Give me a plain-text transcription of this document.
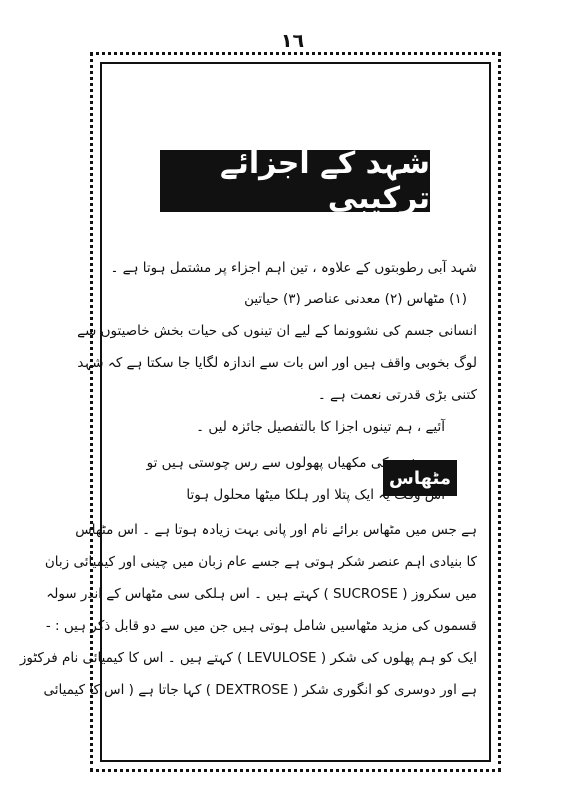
١٦
شہد کے اجزائے ترکیبی
شہد آبی رطوبتوں کے علاوہ ، تین اہم اجزاء پر مشتمل ہوتا ہے ۔
(۱) مٹھاس (۲) معدنی عناصر (۳) حیاتین
انسانی جسم کی نشوونما کے لیے ان تینوں کی حیات بخش خاصیتوں سے
لوگ بخوبی واقف ہیں اور اس بات سے اندازہ لگایا جا سکتا ہے کہ شہد
کتنی بڑی قدرتی نعمت ہے ۔
آئیے ، ہم تینوں اجزا کا بالتفصیل جائزہ لیں ۔
مٹھاس
جب شہد کی مکھیاں پھولوں سے رس چوستی ہیں تو
اس وقت یہ ایک پتلا اور ہلکا میٹھا محلول ہوتا
ہے جس میں مٹھاس برائے نام اور پانی بہت زیادہ ہوتا ہے ۔ اس مٹھاس
کا بنیادی اہم عنصر شکر ہوتی ہے جسے عام زبان میں چینی اور کیمیائی زبان
میں سکروز ( SUCROSE ) کہتے ہیں ۔ اس ہلکی سی مٹھاس کے اندر سولہ
قسموں کی مزید مٹھاسیں شامل ہوتی ہیں جن میں سے دو قابل ذکر ہیں : -
ایک کو ہم پھلوں کی شکر ( LEVULOSE ) کہتے ہیں ۔ اس کا کیمیائی نام فرکٹوز
ہے اور دوسری کو انگوری شکر ( DEXTROSE ) کہا جاتا ہے ( اس کا کیمیائی
